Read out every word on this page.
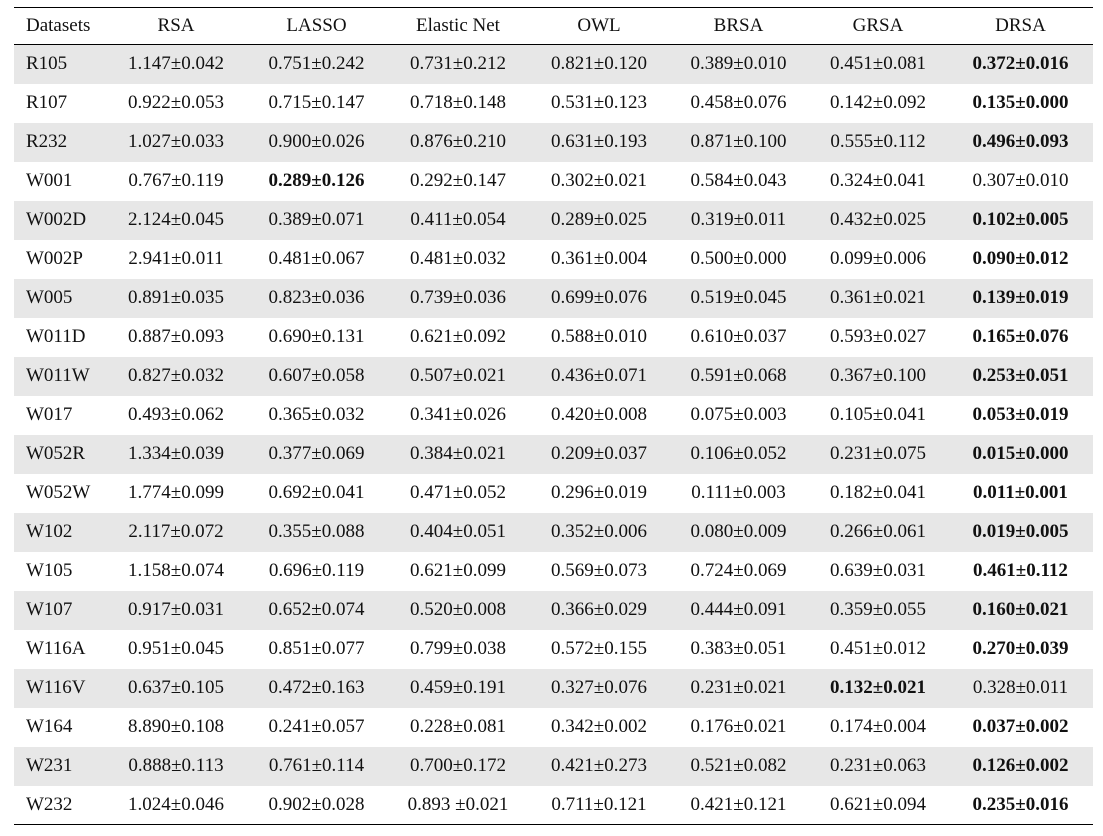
Datasets	RSA	LASSO	Elastic Net	OWL	BRSA	GRSA	DRSA
R105	1.147±0.042	0.751±0.242	0.731±0.212	0.821±0.120	0.389±0.010	0.451±0.081	0.372±0.016
R107	0.922±0.053	0.715±0.147	0.718±0.148	0.531±0.123	0.458±0.076	0.142±0.092	0.135±0.000
R232	1.027±0.033	0.900±0.026	0.876±0.210	0.631±0.193	0.871±0.100	0.555±0.112	0.496±0.093
W001	0.767±0.119	0.289±0.126	0.292±0.147	0.302±0.021	0.584±0.043	0.324±0.041	0.307±0.010
W002D	2.124±0.045	0.389±0.071	0.411±0.054	0.289±0.025	0.319±0.011	0.432±0.025	0.102±0.005
W002P	2.941±0.011	0.481±0.067	0.481±0.032	0.361±0.004	0.500±0.000	0.099±0.006	0.090±0.012
W005	0.891±0.035	0.823±0.036	0.739±0.036	0.699±0.076	0.519±0.045	0.361±0.021	0.139±0.019
W011D	0.887±0.093	0.690±0.131	0.621±0.092	0.588±0.010	0.610±0.037	0.593±0.027	0.165±0.076
W011W	0.827±0.032	0.607±0.058	0.507±0.021	0.436±0.071	0.591±0.068	0.367±0.100	0.253±0.051
W017	0.493±0.062	0.365±0.032	0.341±0.026	0.420±0.008	0.075±0.003	0.105±0.041	0.053±0.019
W052R	1.334±0.039	0.377±0.069	0.384±0.021	0.209±0.037	0.106±0.052	0.231±0.075	0.015±0.000
W052W	1.774±0.099	0.692±0.041	0.471±0.052	0.296±0.019	0.111±0.003	0.182±0.041	0.011±0.001
W102	2.117±0.072	0.355±0.088	0.404±0.051	0.352±0.006	0.080±0.009	0.266±0.061	0.019±0.005
W105	1.158±0.074	0.696±0.119	0.621±0.099	0.569±0.073	0.724±0.069	0.639±0.031	0.461±0.112
W107	0.917±0.031	0.652±0.074	0.520±0.008	0.366±0.029	0.444±0.091	0.359±0.055	0.160±0.021
W116A	0.951±0.045	0.851±0.077	0.799±0.038	0.572±0.155	0.383±0.051	0.451±0.012	0.270±0.039
W116V	0.637±0.105	0.472±0.163	0.459±0.191	0.327±0.076	0.231±0.021	0.132±0.021	0.328±0.011
W164	8.890±0.108	0.241±0.057	0.228±0.081	0.342±0.002	0.176±0.021	0.174±0.004	0.037±0.002
W231	0.888±0.113	0.761±0.114	0.700±0.172	0.421±0.273	0.521±0.082	0.231±0.063	0.126±0.002
W232	1.024±0.046	0.902±0.028	0.893 ±0.021	0.711±0.121	0.421±0.121	0.621±0.094	0.235±0.016
